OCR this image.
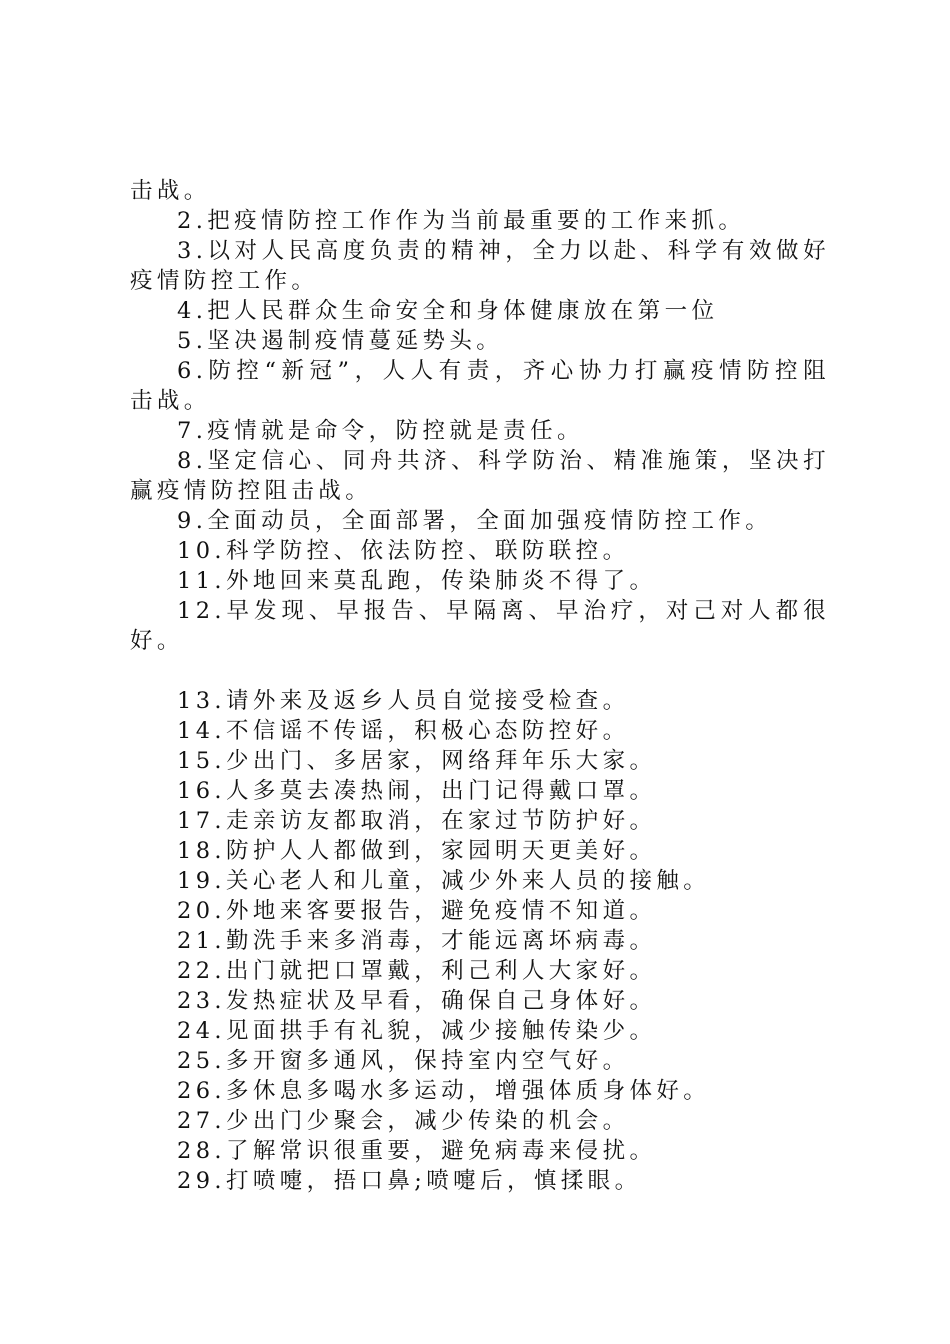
击战。

2.把疫情防控工作作为当前最重要的工作来抓。

3.以对人民高度负责的精神，全力以赴、科学有效做好疫情防控工作。

4.把人民群众生命安全和身体健康放在第一位

5.坚决遏制疫情蔓延势头。

6.防控“新冠”，人人有责，齐心协力打赢疫情防控阻击战。

7.疫情就是命令，防控就是责任。

8.坚定信心、同舟共济、科学防治、精准施策，坚决打赢疫情防控阻击战。

9.全面动员，全面部署，全面加强疫情防控工作。

10.科学防控、依法防控、联防联控。

11.外地回来莫乱跑，传染肺炎不得了。

12.早发现、早报告、早隔离、早治疗，对己对人都很好。

13.请外来及返乡人员自觉接受检查。

14.不信谣不传谣，积极心态防控好。

15.少出门、多居家，网络拜年乐大家。

16.人多莫去凑热闹，出门记得戴口罩。

17.走亲访友都取消，在家过节防护好。

18.防护人人都做到，家园明天更美好。

19.关心老人和儿童，减少外来人员的接触。

20.外地来客要报告，避免疫情不知道。

21.勤洗手来多消毒，才能远离坏病毒。

22.出门就把口罩戴，利己利人大家好。

23.发热症状及早看，确保自己身体好。

24.见面拱手有礼貌，减少接触传染少。

25.多开窗多通风，保持室内空气好。

26.多休息多喝水多运动，增强体质身体好。

27.少出门少聚会，减少传染的机会。

28.了解常识很重要，避免病毒来侵扰。

29.打喷嚏，捂口鼻;喷嚏后，慎揉眼。
